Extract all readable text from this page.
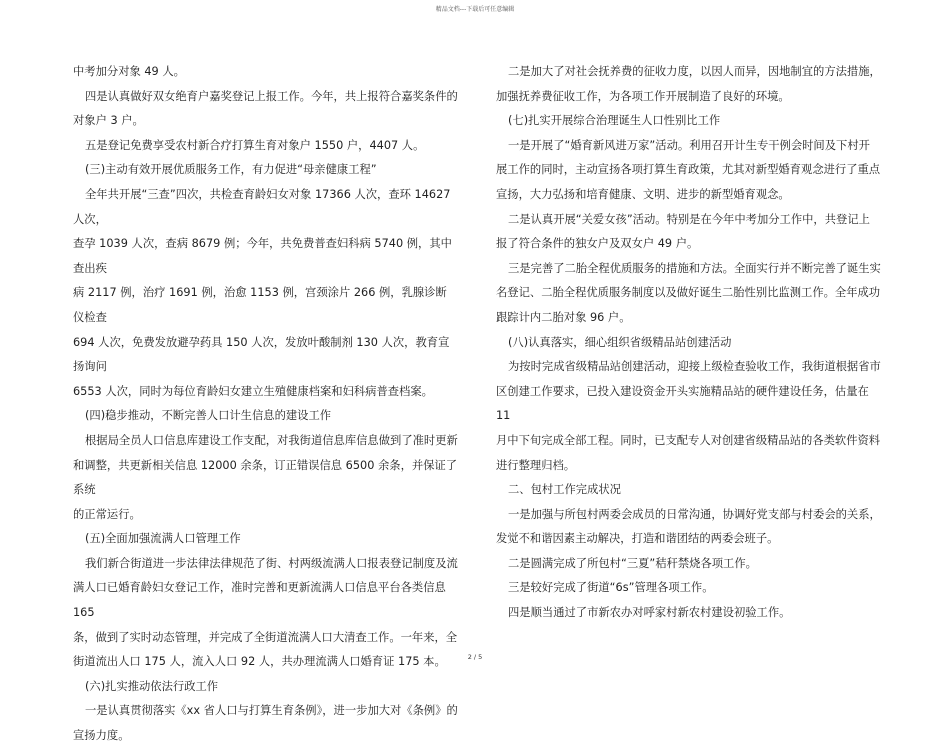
精品文档---下载后可任意编辑

中考加分对象 49 人。

四是认真做好双女绝育户嘉奖登记上报工作。今年，共上报符合嘉奖条件的

对象户 3 户。

五是登记免费享受农村新合疗打算生育对象户 1550 户，4407 人。

(三)主动有效开展优质服务工作，有力促进“母亲健康工程”

全年共开展“三查”四次，共检查育龄妇女对象 17366 人次，查环 14627 人次，

查孕 1039 人次，查病 8679 例；今年，共免费普查妇科病 5740 例，其中查出疾

病 2117 例，治疗 1691 例，治愈 1153 例，宫颈涂片 266 例，乳腺诊断仪检查

694 人次，免费发放避孕药具 150 人次，发放叶酸制剂 130 人次，教育宣扬询问

6553 人次，同时为每位育龄妇女建立生殖健康档案和妇科病普查档案。

(四)稳步推动，不断完善人口计生信息的建设工作

根据局全员人口信息库建设工作支配，对我街道信息库信息做到了准时更新

和调整，共更新相关信息 12000 余条，订正错误信息 6500 余条，并保证了系统

的正常运行。

(五)全面加强流满人口管理工作

我们新合街道进一步法律法律规范了街、村两级流满人口报表登记制度及流

满人口已婚育龄妇女登记工作，准时完善和更新流满人口信息平台各类信息 165

条，做到了实时动态管理，并完成了全街道流满人口大清查工作。一年来，全

街道流出人口 175 人，流入人口 92 人，共办理流满人口婚育证 175 本。

(六)扎实推动依法行政工作

一是认真贯彻落实《xx 省人口与打算生育条例》，进一步加大对《条例》的

宣扬力度。

二是加大了对社会抚养费的征收力度，以因人而异，因地制宜的方法措施，

加强抚养费征收工作，为各项工作开展制造了良好的环境。

(七)扎实开展综合治理诞生人口性别比工作

一是开展了“婚育新风进万家”活动。利用召开计生专干例会时间及下村开

展工作的同时，主动宣扬各项打算生育政策，尤其对新型婚育观念进行了重点

宣扬，大力弘扬和培育健康、文明、进步的新型婚育观念。

二是认真开展“关爱女孩”活动。特别是在今年中考加分工作中，共登记上

报了符合条件的独女户及双女户 49 户。

三是完善了二胎全程优质服务的措施和方法。全面实行并不断完善了诞生实

名登记、二胎全程优质服务制度以及做好诞生二胎性别比监测工作。全年成功

跟踪计内二胎对象 96 户。

(八)认真落实，细心组织省级精品站创建活动

为按时完成省级精品站创建活动，迎接上级检查验收工作，我街道根据省市

区创建工作要求，已投入建设资金开头实施精品站的硬件建设任务，估量在 11

月中下旬完成全部工程。同时，已支配专人对创建省级精品站的各类软件资料

进行整理归档。

二、包村工作完成状况

一是加强与所包村两委会成员的日常沟通，协调好党支部与村委会的关系，

发觉不和谐因素主动解决，打造和谐团结的两委会班子。

二是圆满完成了所包村“三夏”秸秆禁烧各项工作。

三是较好完成了街道“6s”管理各项工作。

四是顺当通过了市新农办对呼家村新农村建设初验工作。

2 / 5
